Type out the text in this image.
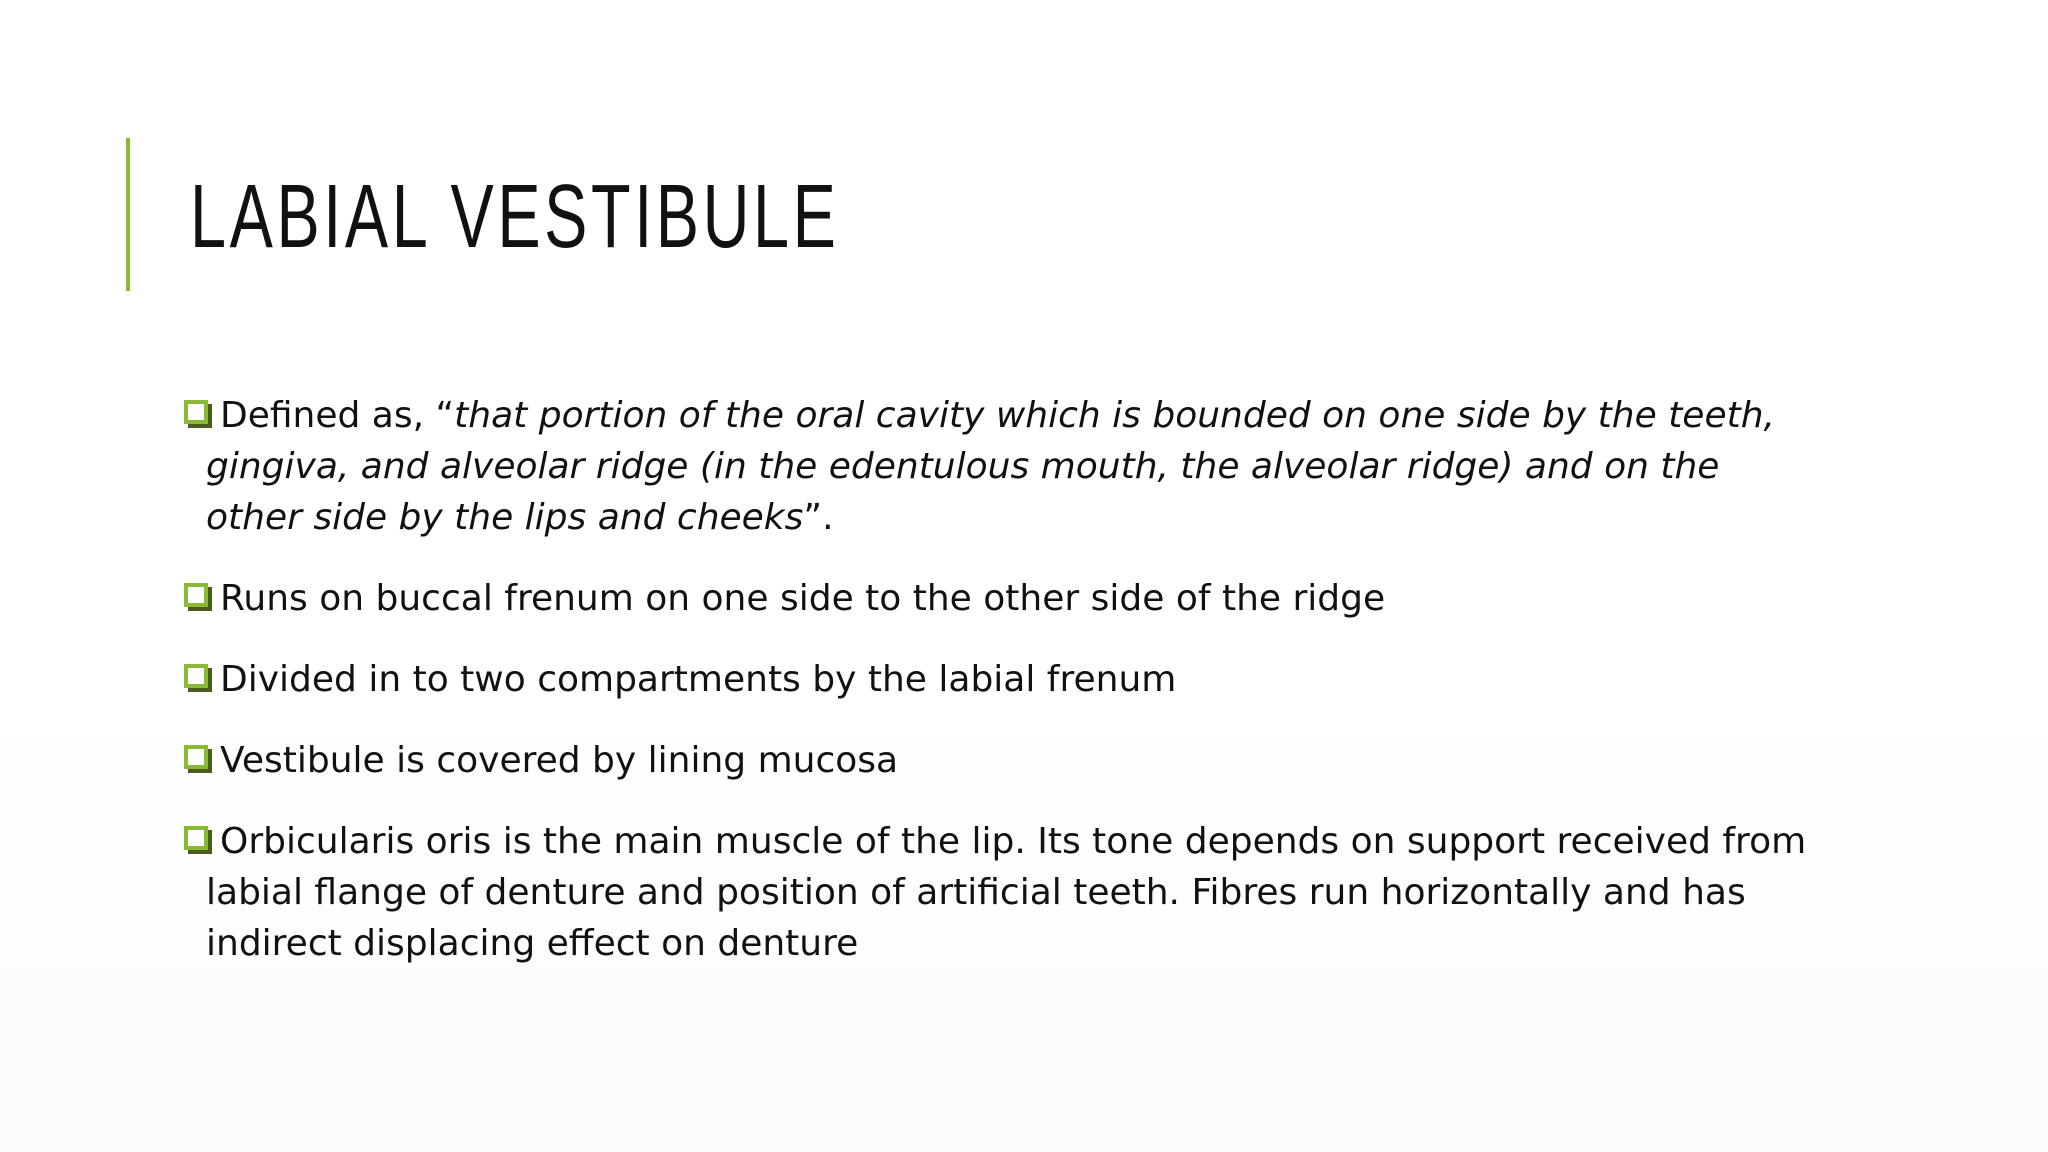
LABIAL VESTIBULE
Defined as, “that portion of the oral cavity which is bounded on one side by the teeth, gingiva, and alveolar ridge (in the edentulous mouth, the alveolar ridge) and on the other side by the lips and cheeks”.
Runs on buccal frenum on one side to the other side of the ridge
Divided in to two compartments by the labial frenum
Vestibule is covered by lining mucosa
Orbicularis oris is the main muscle of the lip. Its tone depends on support received from labial flange of denture and position of artificial teeth. Fibres run horizontally and has indirect displacing effect on denture
